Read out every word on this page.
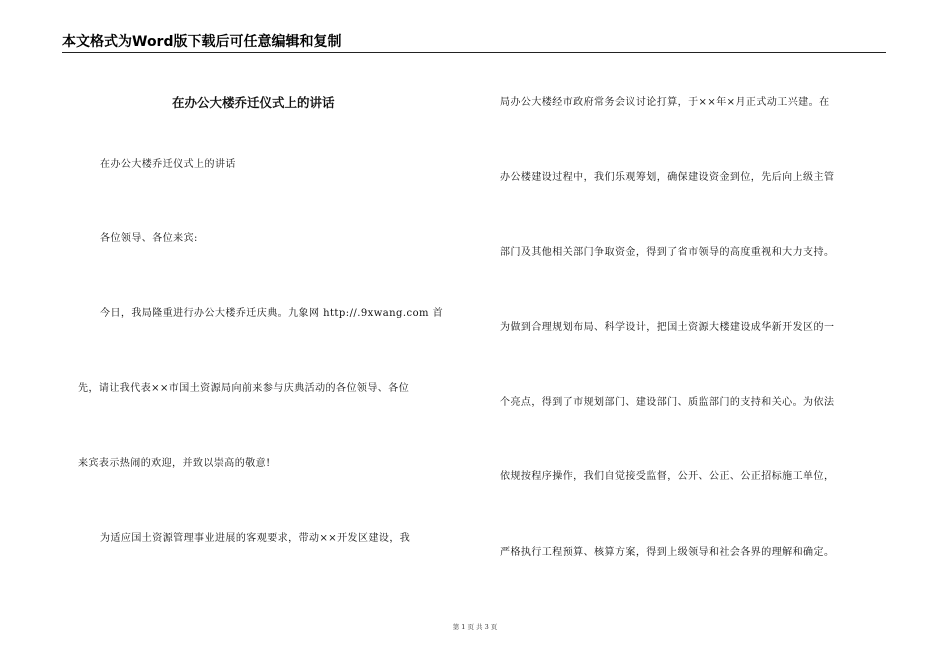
本文格式为Word版下载后可任意编辑和复制
在办公大楼乔迁仪式上的讲话
在办公大楼乔迁仪式上的讲话
各位领导、各位来宾:
今日，我局隆重进行办公大楼乔迁庆典。九象网 http://.9xwang.com 首
先，请让我代表××市国土资源局向前来参与庆典活动的各位领导、各位
来宾表示热闹的欢迎，并致以崇高的敬意!
为适应国土资源管理事业进展的客观要求，带动××开发区建设，我
局办公大楼经市政府常务会议讨论打算，于××年×月正式动工兴建。在
办公楼建设过程中，我们乐观筹划，确保建设资金到位，先后向上级主管
部门及其他相关部门争取资金，得到了省市领导的高度重视和大力支持。
为做到合理规划布局、科学设计，把国土资源大楼建设成华新开发区的一
个亮点，得到了市规划部门、建设部门、质监部门的支持和关心。为依法
依规按程序操作，我们自觉接受监督，公开、公正、公正招标施工单位，
严格执行工程预算、核算方案，得到上级领导和社会各界的理解和确定。
第 1 页 共 3 页
